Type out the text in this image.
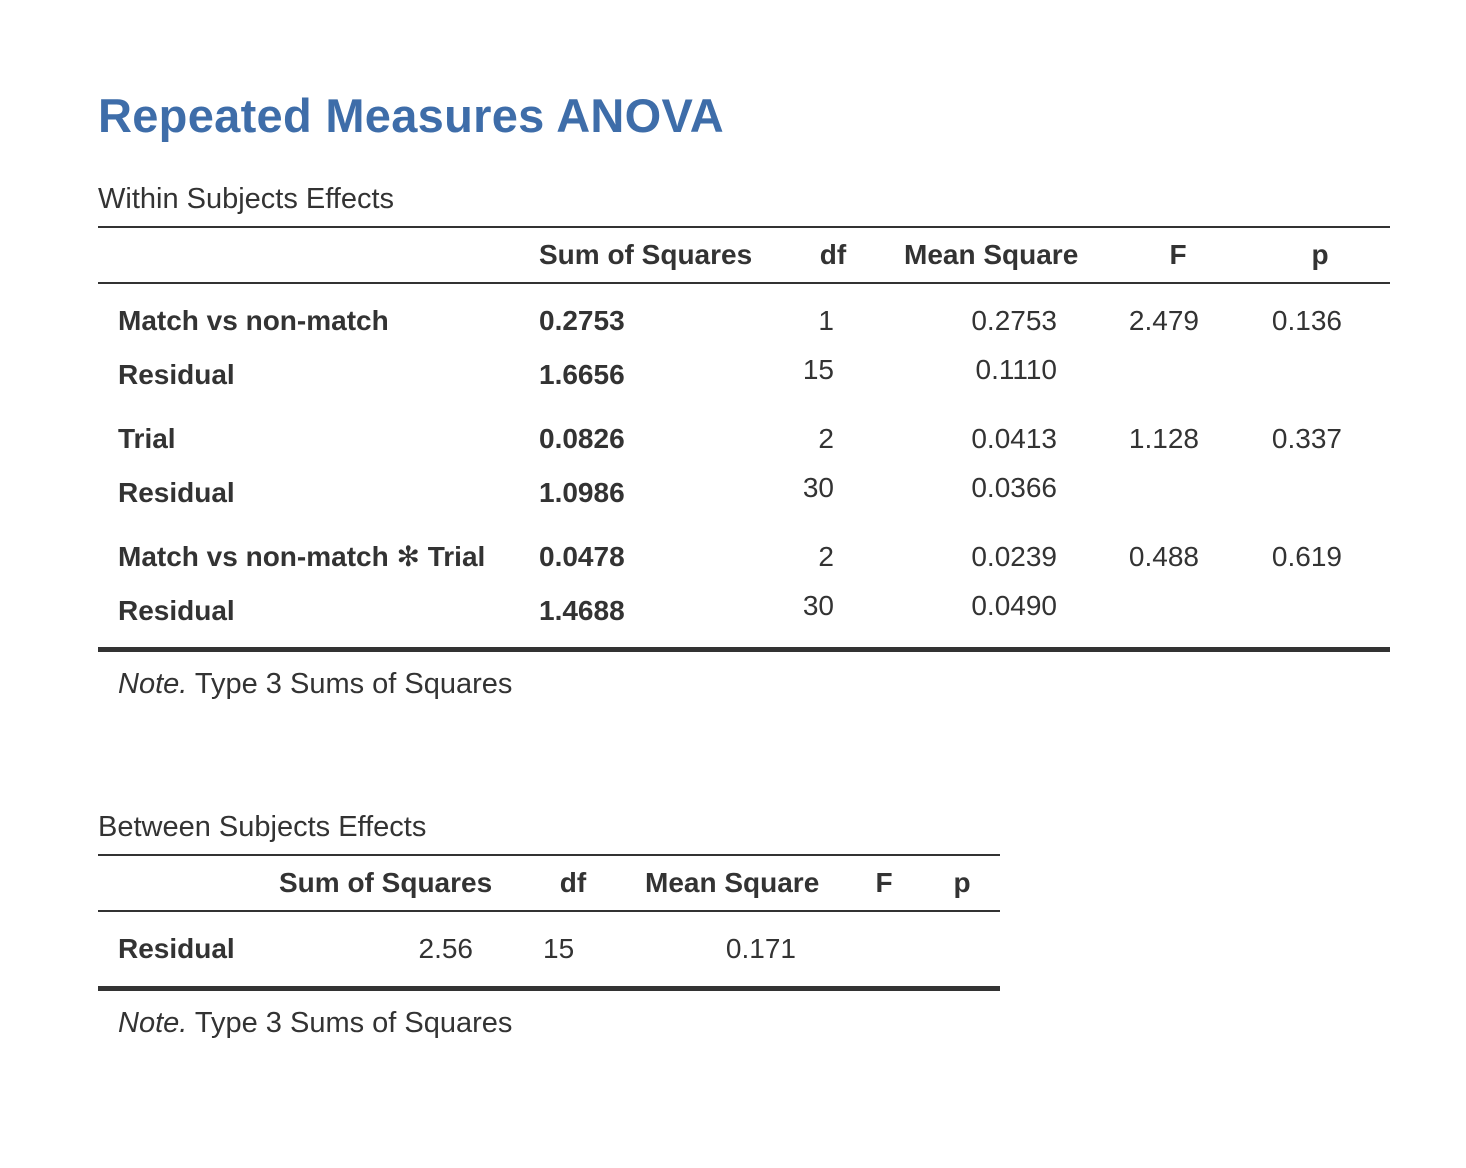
Repeated Measures ANOVA
Within Subjects Effects
Sum of Squares	df	Mean Square	F	p
Match vs non-match	0.2753	1	0.2753	2.479	0.136
Residual	1.6656	15	0.1110
Trial	0.0826	2	0.0413	1.128	0.337
Residual	1.0986	30	0.0366
Match vs non-match ✻ Trial 0.0478	2	0.0239	0.488	0.619
Residual	1.4688	30	0.0490
Note. Type 3 Sums of Squares
Between Subjects Effects
Sum of Squares	df	Mean Square	F	p
Residual	2.56	15	0.171
Note. Type 3 Sums of Squares
